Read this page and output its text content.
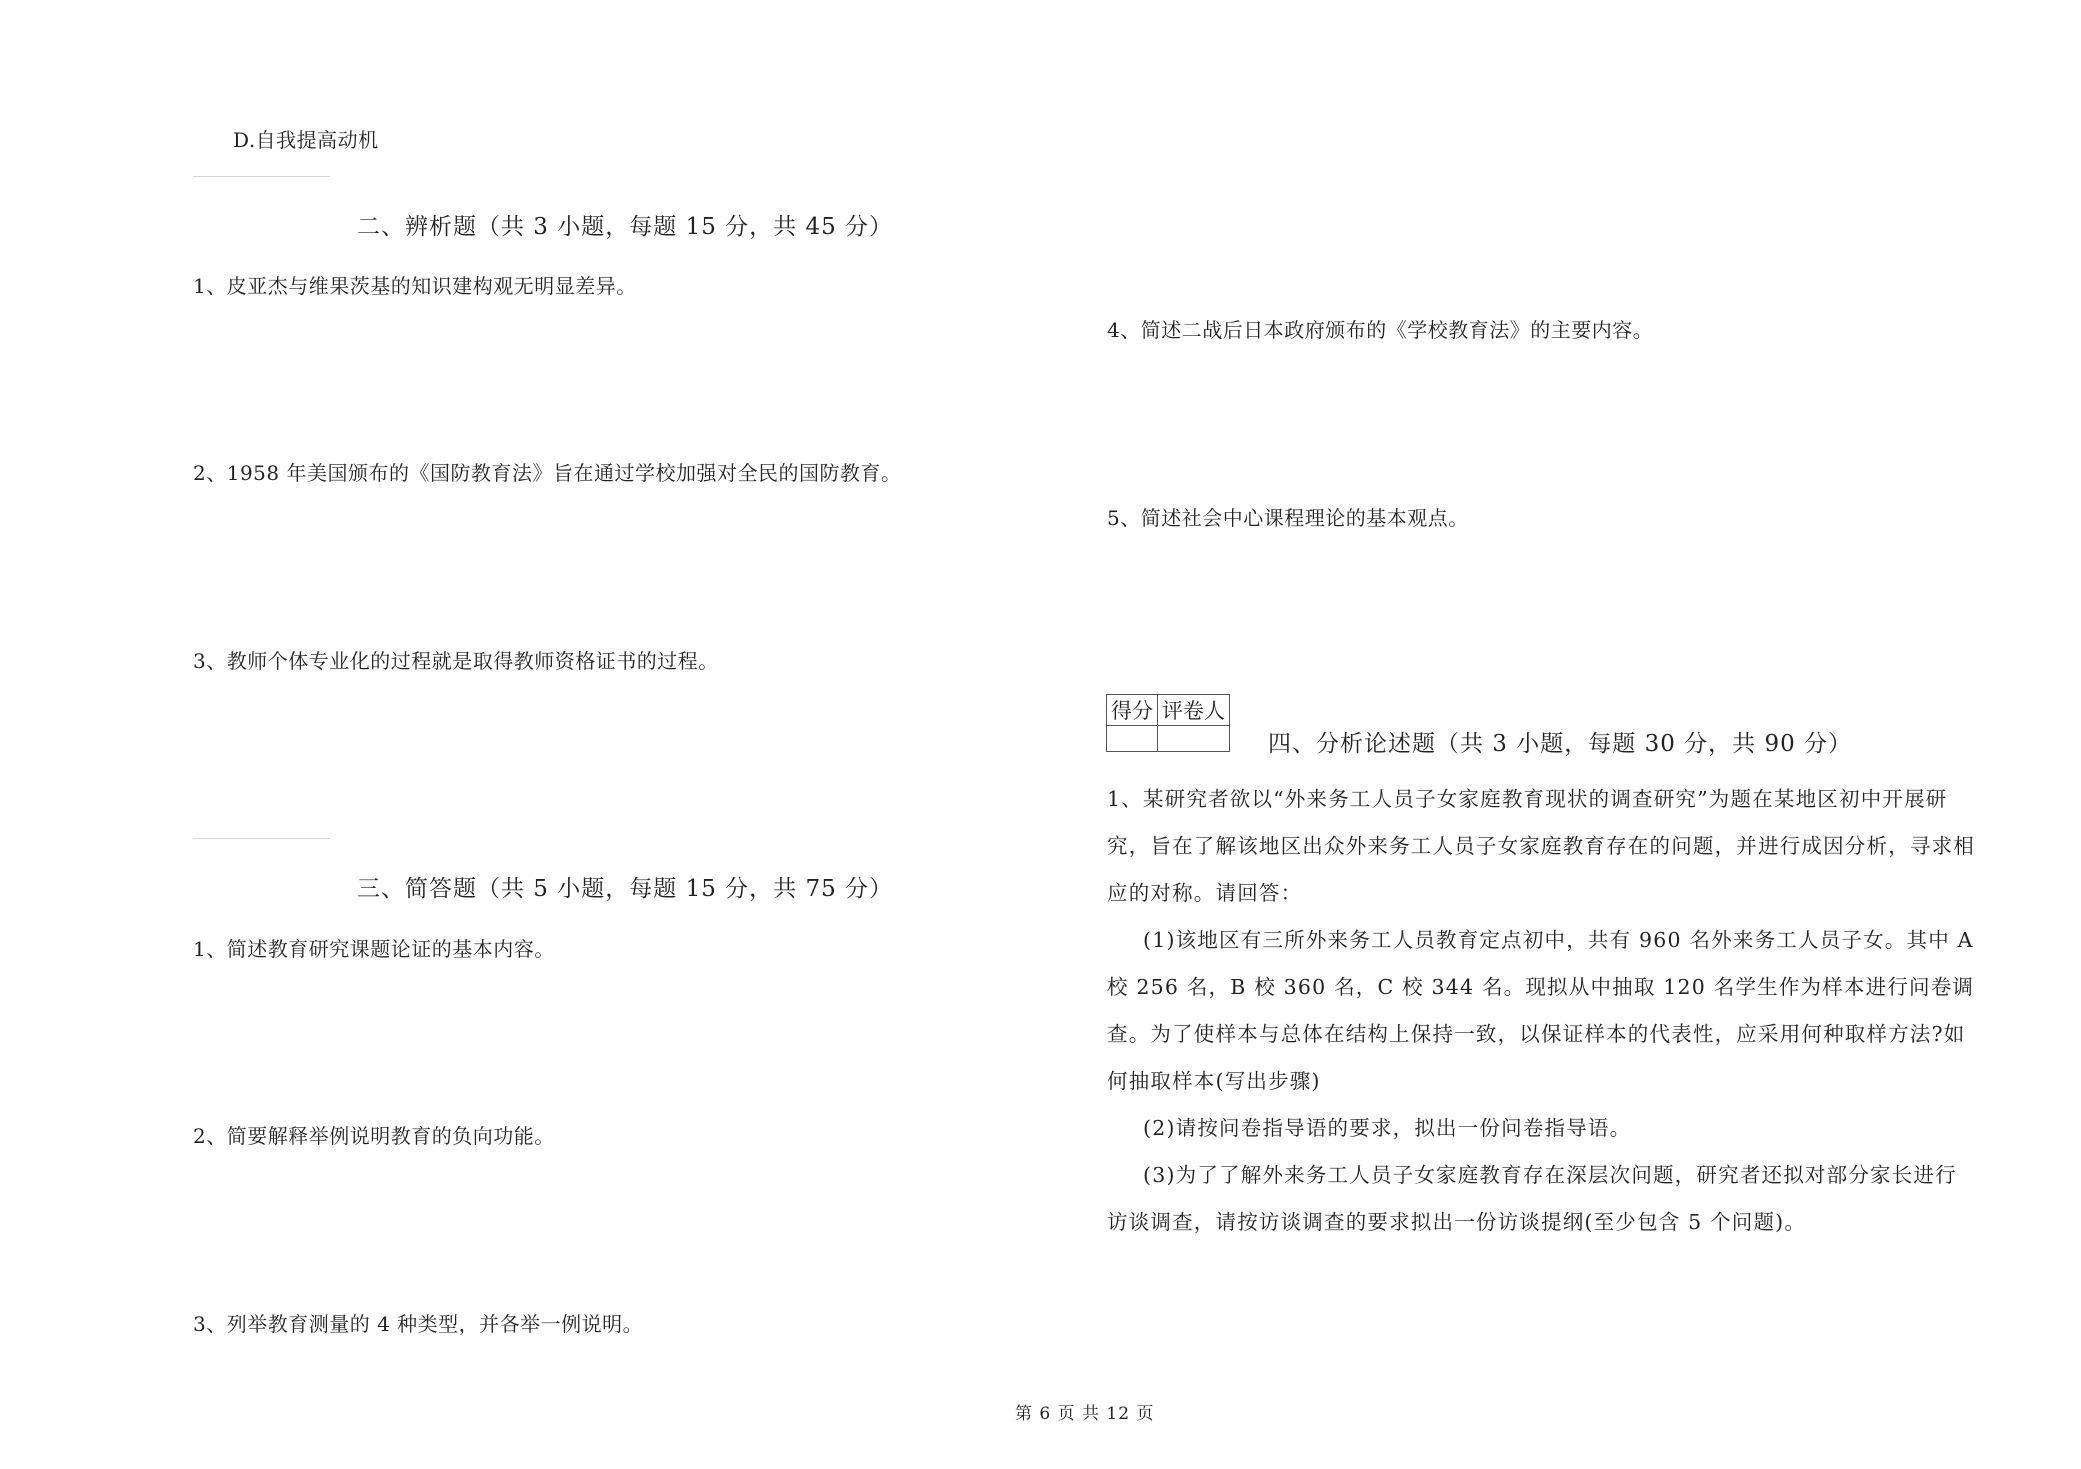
D.自我提高动机
二、辨析题（共 3 小题，每题 15 分，共 45 分）
1、皮亚杰与维果茨基的知识建构观无明显差异。
2、1958 年美国颁布的《国防教育法》旨在通过学校加强对全民的国防教育。
3、教师个体专业化的过程就是取得教师资格证书的过程。
三、简答题（共 5 小题，每题 15 分，共 75 分）
1、简述教育研究课题论证的基本内容。
2、简要解释举例说明教育的负向功能。
3、列举教育测量的 4 种类型，并各举一例说明。
4、简述二战后日本政府颁布的《学校教育法》的主要内容。
5、简述社会中心课程理论的基本观点。
得分	评卷人

四、分析论述题（共 3 小题，每题 30 分，共 90 分）

1、某研究者欲以“外来务工人员子女家庭教育现状的调查研究”为题在某地区初中开展研究，旨在了解该地区出众外来务工人员子女家庭教育存在的问题，并进行成因分析，寻求相应的对称。请回答：

(1)该地区有三所外来务工人员教育定点初中，共有 960 名外来务工人员子女。其中 A 校 256 名，B 校 360 名，C 校 344 名。现拟从中抽取 120 名学生作为样本进行问卷调查。为了使样本与总体在结构上保持一致，以保证样本的代表性，应采用何种取样方法?如何抽取样本(写出步骤)

(2)请按问卷指导语的要求，拟出一份问卷指导语。

(3)为了了解外来务工人员子女家庭教育存在深层次问题，研究者还拟对部分家长进行访谈调查，请按访谈调查的要求拟出一份访谈提纲(至少包含 5 个问题)。

第 6 页 共 12 页
